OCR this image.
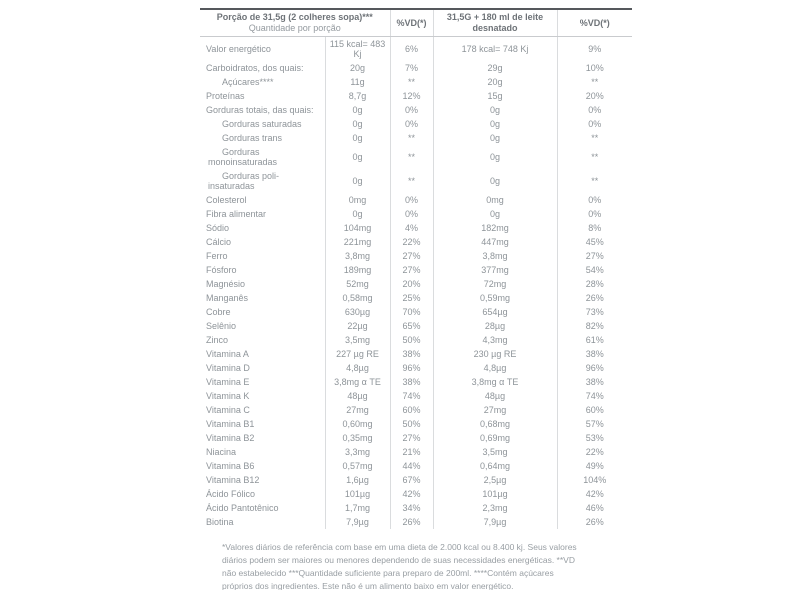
Porção de 31,5g (2 colheres sopa)***
Quantidade por porção		%VD(*)	31,5G + 180 ml de leite desnatado	%VD(*)
Valor energético	115 kcal= 483 Kj	6%	178 kcal= 748 Kj	9%
Carboidratos, dos quais:	20g	7%	29g	10%
Açúcares****	11g	**	20g	**
Proteínas	8,7g	12%	15g	20%
Gorduras totais, das quais:	0g	0%	0g	0%
Gorduras saturadas	0g	0%	0g	0%
Gorduras trans	0g	**	0g	**
Gorduras monoinsaturadas	0g	**	0g	**
Gorduras poli-insaturadas	0g	**	0g	**
Colesterol	0mg	0%	0mg	0%
Fibra alimentar	0g	0%	0g	0%
Sódio	104mg	4%	182mg	8%
Cálcio	221mg	22%	447mg	45%
Ferro	3,8mg	27%	3,8mg	27%
Fósforo	189mg	27%	377mg	54%
Magnésio	52mg	20%	72mg	28%
Manganês	0,58mg	25%	0,59mg	26%
Cobre	630µg	70%	654µg	73%
Selênio	22µg	65%	28µg	82%
Zinco	3,5mg	50%	4,3mg	61%
Vitamina A	227 µg RE	38%	230 µg RE	38%
Vitamina D	4,8µg	96%	4,8µg	96%
Vitamina E	3,8mg α TE	38%	3,8mg α TE	38%
Vitamina K	48µg	74%	48µg	74%
Vitamina C	27mg	60%	27mg	60%
Vitamina B1	0,60mg	50%	0,68mg	57%
Vitamina B2	0,35mg	27%	0,69mg	53%
Niacina	3,3mg	21%	3,5mg	22%
Vitamina B6	0,57mg	44%	0,64mg	49%
Vitamina B12	1,6µg	67%	2,5µg	104%
Ácido Fólico	101µg	42%	101µg	42%
Ácido Pantotênico	1,7mg	34%	2,3mg	46%
Biotina	7,9µg	26%	7,9µg	26%
*Valores diários de referência com base em uma dieta de 2.000 kcal ou 8.400 kj. Seus valores
diários podem ser maiores ou menores dependendo de suas necessidades energéticas. **VD
não estabelecido ***Quantidade suficiente para preparo de 200ml. ****Contém açúcares
próprios dos ingredientes. Este não é um alimento baixo em valor energético.
